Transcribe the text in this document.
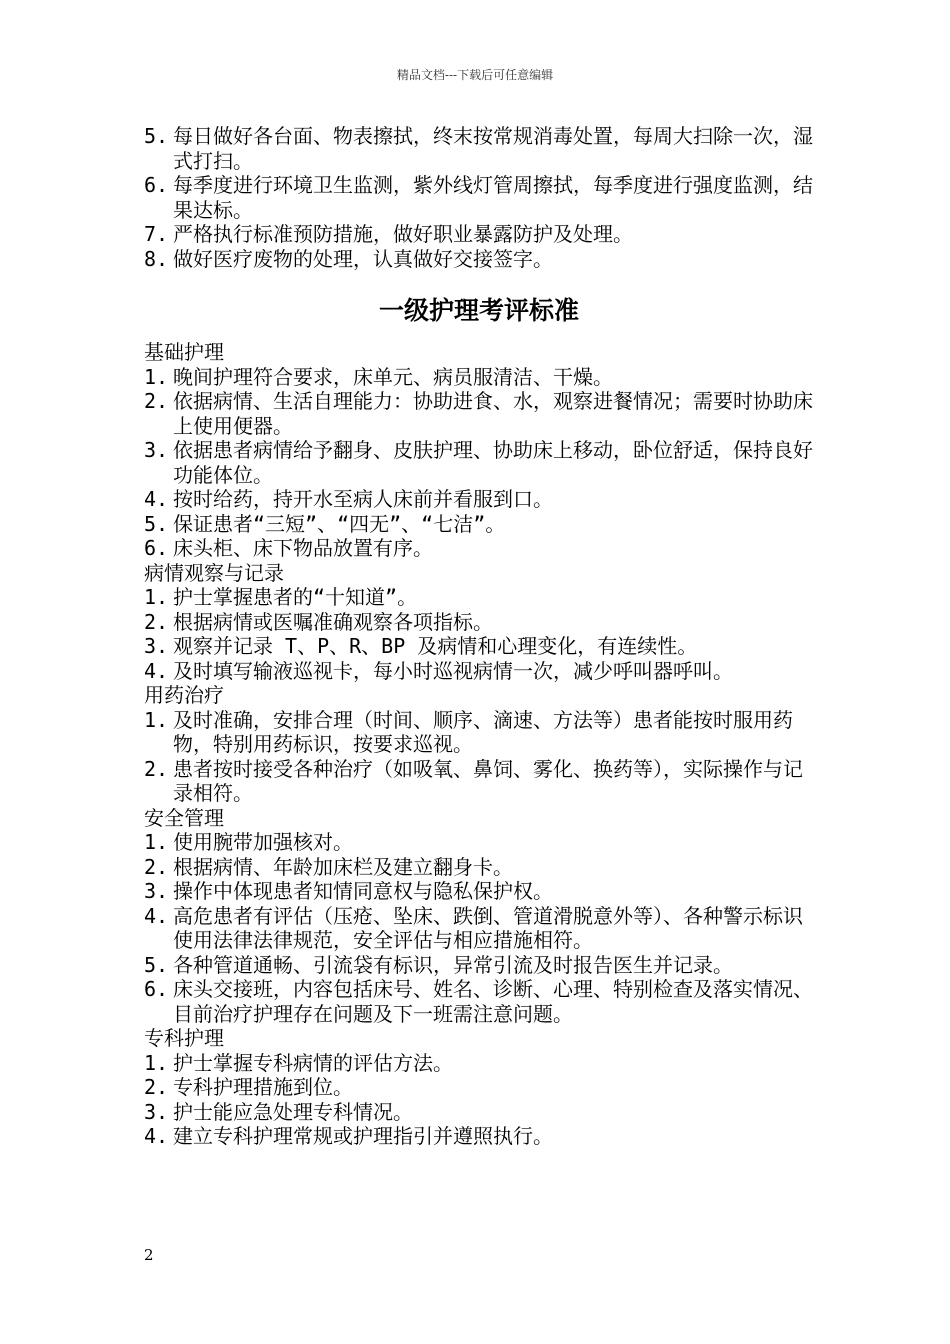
精品文档---下载后可任意编辑
5. 每日做好各台面、物表擦拭，终末按常规消毒处置，每周大扫除一次，湿式打扫。
6. 每季度进行环境卫生监测，紫外线灯管周擦拭，每季度进行强度监测，结果达标。
7. 严格执行标准预防措施，做好职业暴露防护及处理。
8. 做好医疗废物的处理，认真做好交接签字。
一级护理考评标准
基础护理
1. 晚间护理符合要求，床单元、病员服清洁、干燥。
2. 依据病情、生活自理能力：协助进食、水，观察进餐情况；需要时协助床上使用便器。
3. 依据患者病情给予翻身、皮肤护理、协助床上移动，卧位舒适，保持良好功能体位。
4. 按时给药，持开水至病人床前并看服到口。
5. 保证患者“三短”、“四无”、“七洁”。
6. 床头柜、床下物品放置有序。
病情观察与记录
1. 护士掌握患者的“十知道”。
2. 根据病情或医嘱准确观察各项指标。
3. 观察并记录 T、P、R、BP 及病情和心理变化，有连续性。
4. 及时填写输液巡视卡，每小时巡视病情一次，减少呼叫器呼叫。
用药治疗
1. 及时准确，安排合理（时间、顺序、滴速、方法等）患者能按时服用药物，特别用药标识，按要求巡视。
2. 患者按时接受各种治疗（如吸氧、鼻饲、雾化、换药等），实际操作与记录相符。
安全管理
1. 使用腕带加强核对。
2. 根据病情、年龄加床栏及建立翻身卡。
3. 操作中体现患者知情同意权与隐私保护权。
4. 高危患者有评估（压疮、坠床、跌倒、管道滑脱意外等）、各种警示标识使用法律法律规范，安全评估与相应措施相符。
5. 各种管道通畅、引流袋有标识，异常引流及时报告医生并记录。
6. 床头交接班，内容包括床号、姓名、诊断、心理、特别检查及落实情况、目前治疗护理存在问题及下一班需注意问题。
专科护理
1. 护士掌握专科病情的评估方法。
2. 专科护理措施到位。
3. 护士能应急处理专科情况。
4. 建立专科护理常规或护理指引并遵照执行。
2
